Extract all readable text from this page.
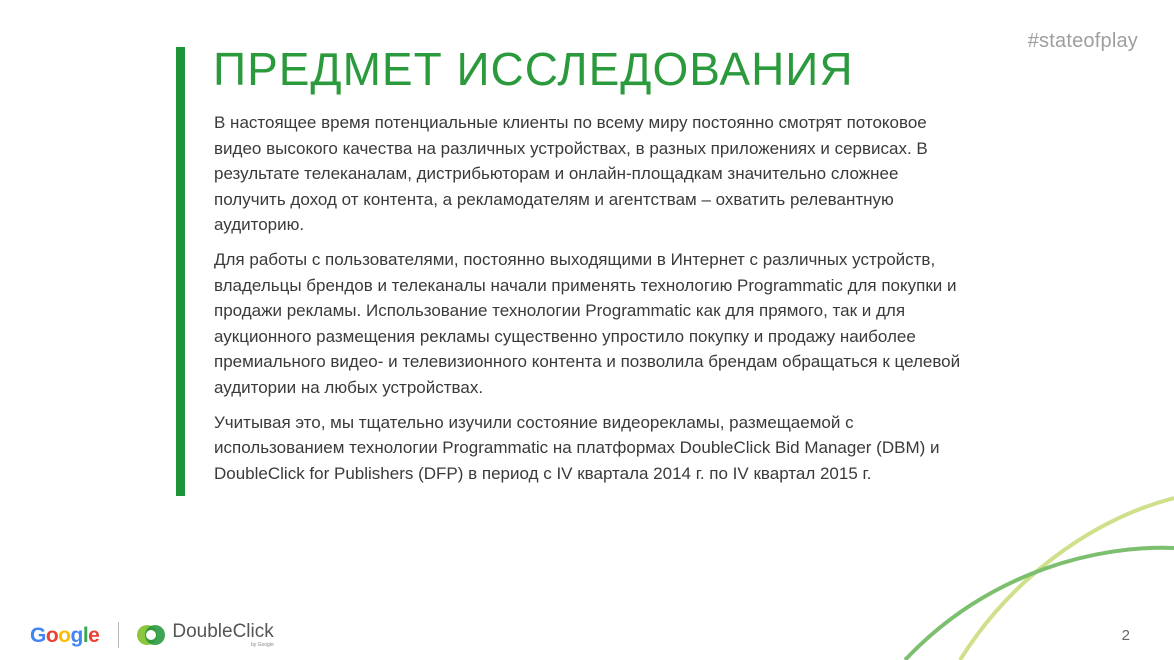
#stateofplay
ПРЕДМЕТ ИССЛЕДОВАНИЯ

В настоящее время потенциальные клиенты по всему миру постоянно смотрят потоковое видео высокого качества на различных устройствах, в разных приложениях и сервисах. В результате телеканалам, дистрибьюторам и онлайн-площадкам значительно сложнее получить доход от контента, а рекламодателям и агентствам – охватить релевантную аудиторию.

Для работы с пользователями, постоянно выходящими в Интернет с различных устройств, владельцы брендов и телеканалы начали применять технологию Programmatic для покупки и продажи рекламы. Использование технологии Programmatic как для прямого, так и для аукционного размещения рекламы существенно упростило покупку и продажу наиболее премиального видео- и телевизионного контента и позволила брендам обращаться к целевой аудитории на любых устройствах.

Учитывая это, мы тщательно изучили состояние видеорекламы, размещаемой с использованием технологии Programmatic на платформах DoubleClick Bid Manager (DBM) и DoubleClick for Publishers (DFP) в период с IV квартала 2014 г. по IV квартал 2015 г.

Google	DoubleClick
by Google
2
